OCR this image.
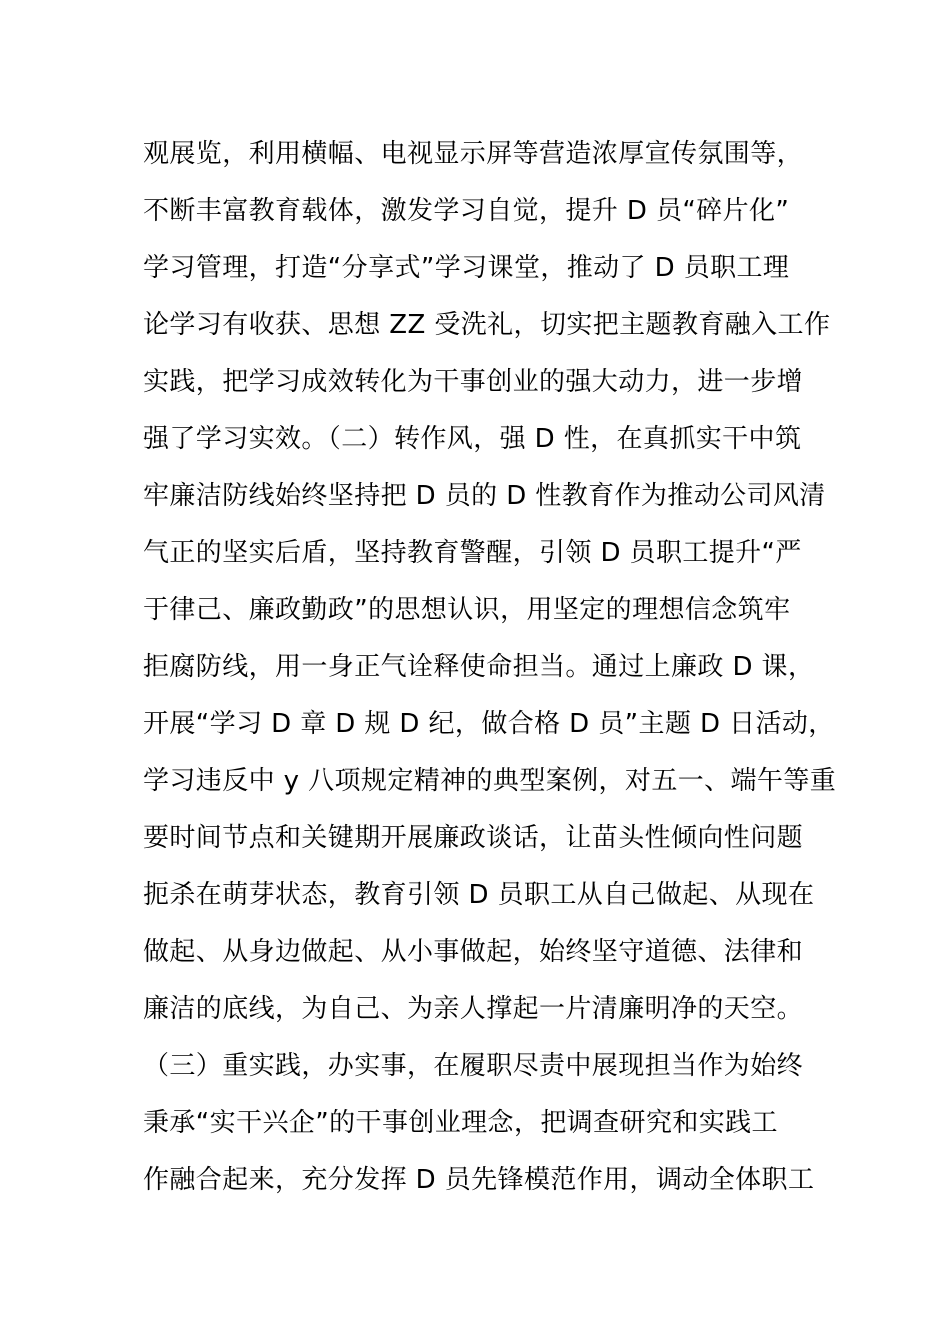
观展览，利用横幅、电视显示屏等营造浓厚宣传氛围等，
不断丰富教育载体，激发学习自觉，提升 D 员“碎片化”
学习管理，打造“分享式”学习课堂，推动了 D 员职工理
论学习有收获、思想 ZZ 受洗礼，切实把主题教育融入工作
实践，把学习成效转化为干事创业的强大动力，进一步增
强了学习实效。（二）转作风，强 D 性，在真抓实干中筑
牢廉洁防线始终坚持把 D 员的 D 性教育作为推动公司风清
气正的坚实后盾，坚持教育警醒，引领 D 员职工提升“严
于律己、廉政勤政”的思想认识，用坚定的理想信念筑牢
拒腐防线，用一身正气诠释使命担当。通过上廉政 D 课，
开展“学习 D 章 D 规 D 纪，做合格 D 员”主题 D 日活动，
学习违反中 y 八项规定精神的典型案例，对五一、端午等重
要时间节点和关键期开展廉政谈话，让苗头性倾向性问题
扼杀在萌芽状态，教育引领 D 员职工从自己做起、从现在
做起、从身边做起、从小事做起，始终坚守道德、法律和
廉洁的底线，为自己、为亲人撑起一片清廉明净的天空。
（三）重实践，办实事，在履职尽责中展现担当作为始终
秉承“实干兴企”的干事创业理念，把调查研究和实践工
作融合起来，充分发挥 D 员先锋模范作用，调动全体职工
